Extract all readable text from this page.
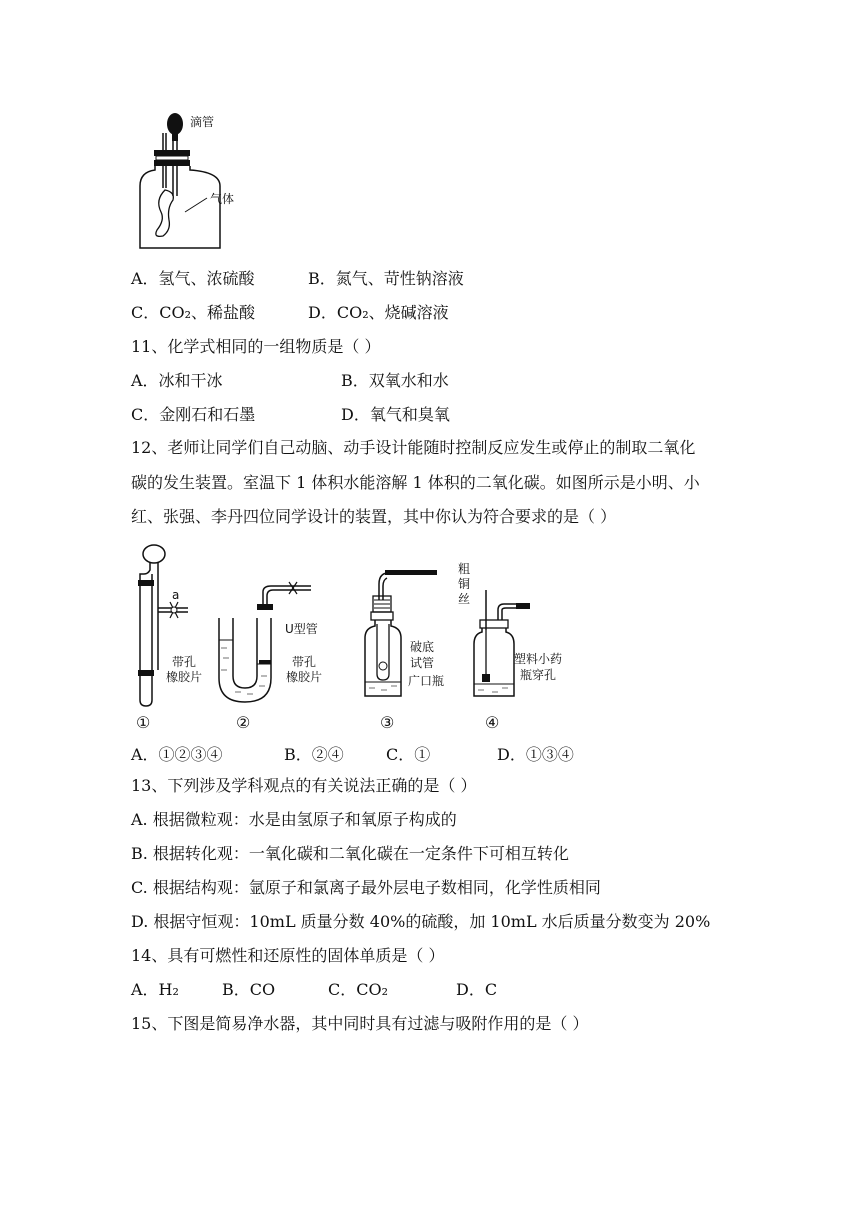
滴管
气体
A．氢气、浓硫酸	B．氮气、苛性钠溶液
C．CO₂、稀盐酸	D．CO₂、烧碱溶液
11、化学式相同的一组物质是（ ）
A．冰和干冰	B．双氧水和水
C．金刚石和石墨	D．氧气和臭氧
12、老师让同学们自己动脑、动手设计能随时控制反应发生或停止的制取二氧化
碳的发生装置。室温下 1 体积水能溶解 1 体积的二氧化碳。如图所示是小明、小
红、张强、李丹四位同学设计的装置，其中你认为符合要求的是（ ）
a
带孔
橡胶片
①
U型管
带孔
橡胶片
②
破底
试管
广口瓶
③
粗
铜
丝
塑料小药
瓶穿孔
④
A．①②③④	B．②④	C．①	D．①③④
13、下列涉及学科观点的有关说法正确的是（ ）
A. 根据微粒观：水是由氢原子和氧原子构成的
B. 根据转化观：一氧化碳和二氧化碳在一定条件下可相互转化
C. 根据结构观：氩原子和氯离子最外层电子数相同，化学性质相同
D. 根据守恒观：10mL 质量分数 40%的硫酸，加 10mL 水后质量分数变为 20%
14、具有可燃性和还原性的固体单质是（ ）
A．H₂	B．CO	C．CO₂	D．C
15、下图是简易净水器，其中同时具有过滤与吸附作用的是（ ）
